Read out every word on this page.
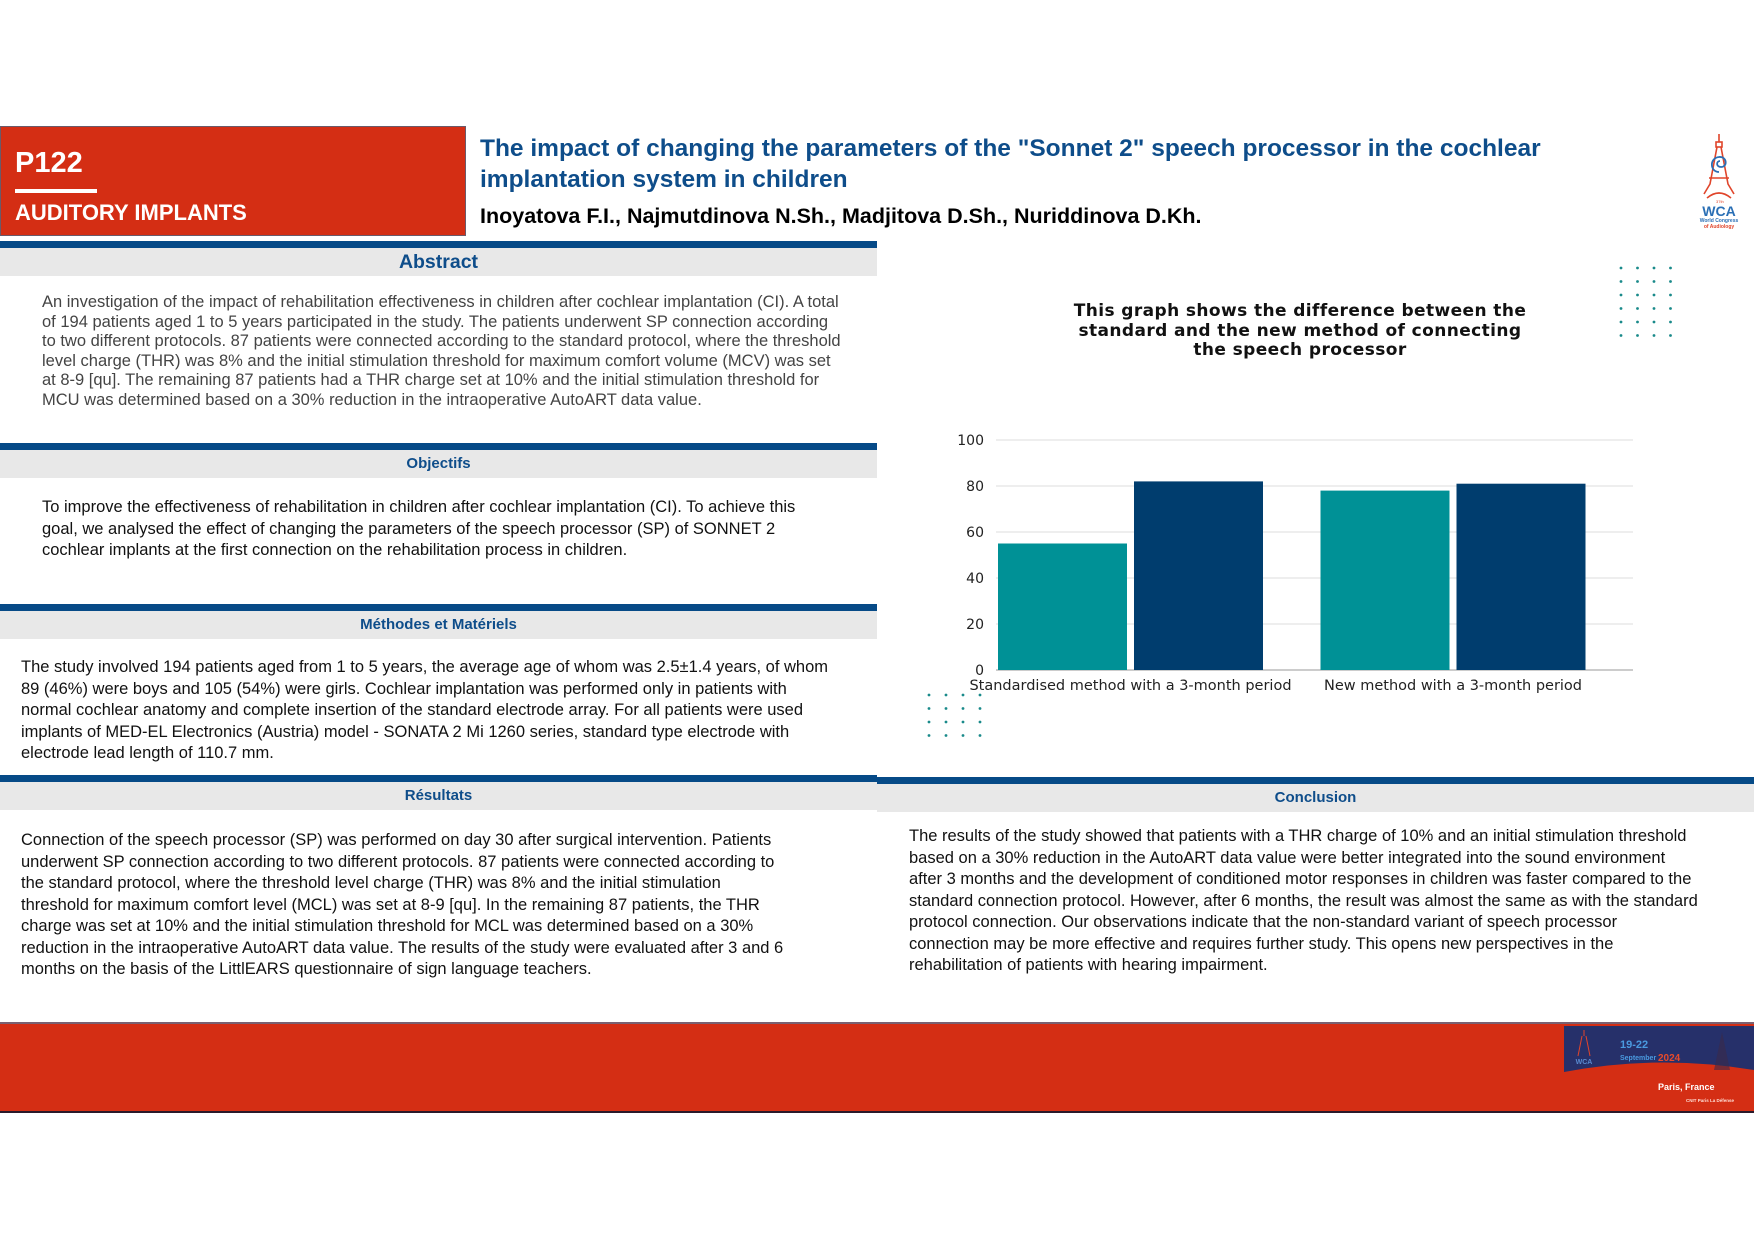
P122
AUDITORY IMPLANTS
The impact of changing the parameters of the "Sonnet 2" speech processor in the cochlear implantation system in children
Inoyatova F.I., Najmutdinova N.Sh., Madjitova D.Sh., Nuriddinova D.Kh.
37th
WCA
World Congress
of Audiology
Abstract
An investigation of the impact of rehabilitation effectiveness in children after cochlear implantation (CI). A total of 194 patients aged 1 to 5 years participated in the study. The patients underwent SP connection according to two different protocols. 87 patients were connected according to the standard protocol, where the threshold level charge (THR) was 8% and the initial stimulation threshold for maximum comfort volume (MCV) was set at 8-9 [qu]. The remaining 87 patients had a THR charge set at 10% and the initial stimulation threshold for MCU was determined based on a 30% reduction in the intraoperative AutoART data value.
Objectifs
To improve the effectiveness of rehabilitation in children after cochlear implantation (CI). To achieve this goal, we analysed the effect of changing the parameters of the speech processor (SP) of SONNET 2 cochlear implants at the first connection on the rehabilitation process in children.
Méthodes et Matériels
The study involved 194 patients aged from 1 to 5 years, the average age of whom was 2.5±1.4 years, of whom 89 (46%) were boys and 105 (54%) were girls. Cochlear implantation was performed only in patients with normal cochlear anatomy and complete insertion of the standard electrode array. For all patients were used implants of MED-EL Electronics (Austria) model - SONATA 2 Mi 1260 series, standard type electrode with electrode lead length of 110.7 mm.
Résultats
Connection of the speech processor (SP) was performed on day 30 after surgical intervention. Patients underwent SP connection according to two different protocols. 87 patients were connected according to the standard protocol, where the threshold level charge (THR) was 8% and the initial stimulation threshold for maximum comfort level (MCL) was set at 8-9 [qu]. In the remaining 87 patients, the THR charge was set at 10% and the initial stimulation threshold for MCL was determined based on a 30% reduction in the intraoperative AutoART data value. The results of the study were evaluated after 3 and 6 months on the basis of the LittlEARS questionnaire of sign language teachers.
This graph shows the difference between the standard and the new method of connecting the speech processor
0
20
40
60
80
100
Standardised method with a 3-month period New method with a 3-month period
Conclusion
The results of the study showed that patients with a THR charge of 10% and an initial stimulation threshold based on a 30% reduction in the AutoART data value were better integrated into the sound environment after 3 months and the development of conditioned motor responses in children was faster compared to the standard connection protocol. However, after 6 months, the result was almost the same as with the standard protocol connection. Our observations indicate that the non-standard variant of speech processor connection may be more effective and requires further study. This opens new perspectives in the rehabilitation of patients with hearing impairment.
WCA
19-22
September 2024
Paris, France
CNIT Paris La Défense
